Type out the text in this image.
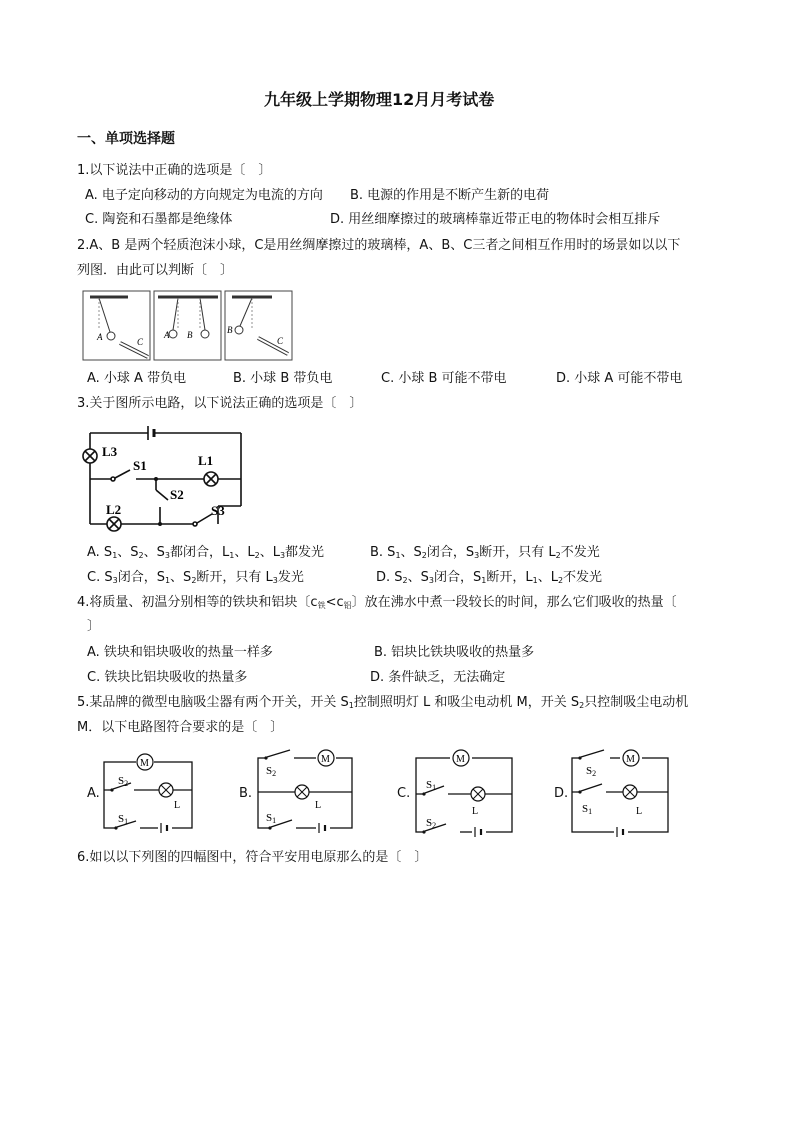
九年级上学期物理12月月考试卷
一、单项选择题
1.以下说法中正确的选项是〔　〕
A. 电子定向移动的方向规定为电流的方向 B. 电源的作用是不断产生新的电荷
C. 陶瓷和石墨都是绝缘体	D. 用丝细摩擦过的玻璃棒靠近带正电的物体时会相互排斥
2.A、B 是两个轻质泡沫小球，C是用丝绸摩擦过的玻璃棒，A、B、C三者之间相互作用时的场景如以以下
列图．由此可以判断〔　〕
A	C
A B	B
C
A. 小球 A 带负电	B. 小球 B 带负电	C. 小球 B 可能不带电	D. 小球 A 可能不带电
3.关于图所示电路，以下说法正确的选项是〔　〕
L3
L1
L2
S1
S2
S3
A. $S_1$、$S_2$、$S_3$都闭合，$L_1$、$L_2$、$L_3$都发光	B. $S_1$、$S_2$闭合，$S_3$断开，只有 $L_2$不发光
C. $S_3$闭合，$S_1$、$S_2$断开，只有 $L_3$发光	D. $S_2$、$S_3$闭合，$S_1$断开，$L_1$、$L_2$不发光
4.将质量、初温分别相等的铁块和铝块〔$c_铁<c_铝$〕放在沸水中煮一段较长的时间，那么它们吸收的热量〔
〕
A. 铁块和铝块吸收的热量一样多	B. 铝块比铁块吸收的热量多
C. 铁块比铝块吸收的热量多	D. 条件缺乏，无法确定
5.某品牌的微型电脑吸尘器有两个开关，开关 $S_1$控制照明灯 L 和吸尘电动机 M，开关 $S_2$只控制吸尘电动机
M．以下电路图符合要求的是〔　〕
A.
M
S2
L
S1
B.
S2
M
L
S1
C.
M
S1
L
S2
D.
S2
M
S1	L
6.如以以下列图的四幅图中，符合平安用电原那么的是〔　〕
